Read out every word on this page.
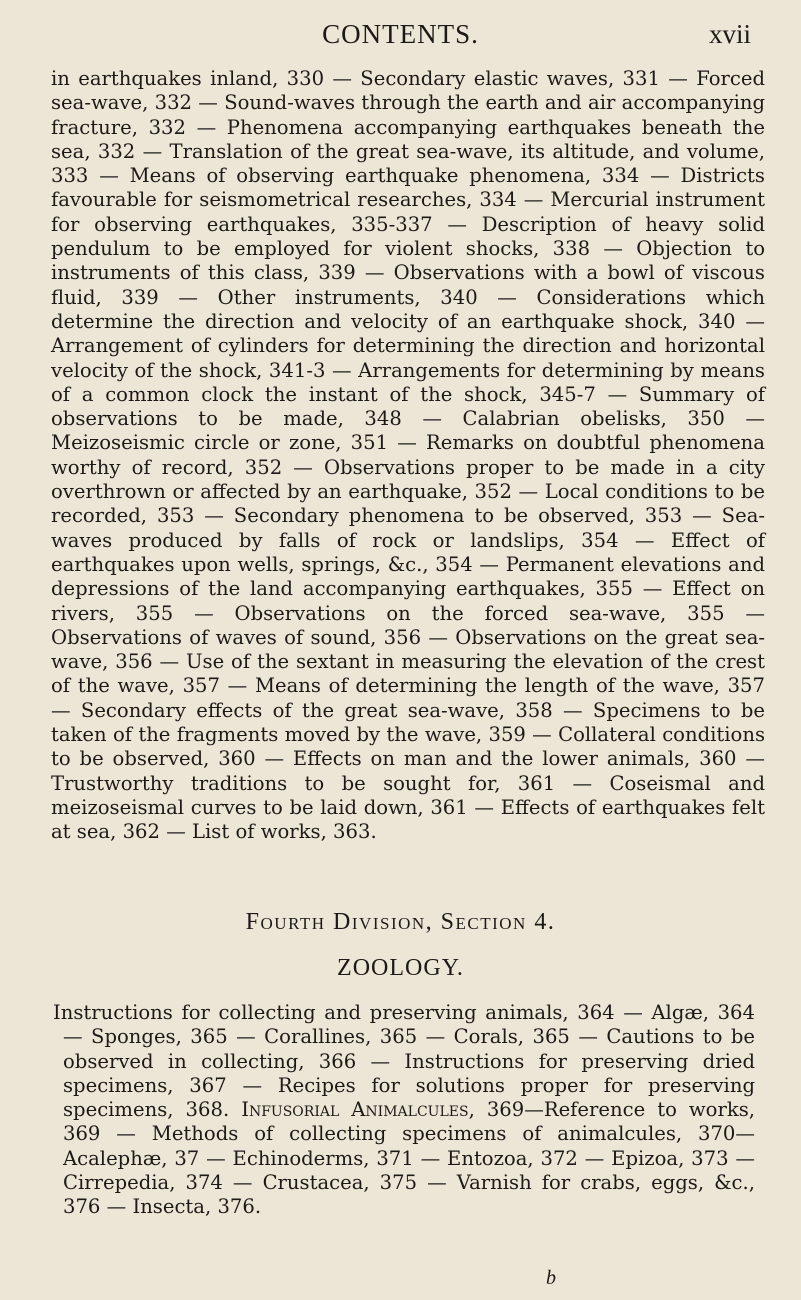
CONTENTS.	xvii
in earthquakes inland, 330 — Secondary elastic waves, 331 — Forced sea-wave, 332 — Sound-waves through the earth and air accompanying fracture, 332 — Phenomena accompanying earthquakes beneath the sea, 332 — Translation of the great sea-wave, its altitude, and volume, 333 — Means of observing earthquake phenomena, 334 — Districts favourable for seismometrical researches, 334 — Mercurial instrument for observing earthquakes, 335-337 — Description of heavy solid pendulum to be employed for violent shocks, 338 — Objection to instruments of this class, 339 — Observations with a bowl of viscous fluid, 339 — Other instruments, 340 — Considerations which determine the direction and velocity of an earthquake shock, 340 — Arrangement of cylinders for determining the direction and horizontal velocity of the shock, 341-3 — Arrangements for determining by means of a common clock the instant of the shock, 345-7 — Summary of observations to be made, 348 — Calabrian obelisks, 350 — Meizoseismic circle or zone, 351 — Remarks on doubtful phenomena worthy of record, 352 — Observations proper to be made in a city overthrown or affected by an earthquake, 352 — Local conditions to be recorded, 353 — Secondary phenomena to be observed, 353 — Sea-waves produced by falls of rock or landslips, 354 — Effect of earthquakes upon wells, springs, &c., 354 — Permanent elevations and depressions of the land accompanying earthquakes, 355 — Effect on rivers, 355 — Observations on the forced sea-wave, 355 — Observations of waves of sound, 356 — Observations on the great sea-wave, 356 — Use of the sextant in measuring the elevation of the crest of the wave, 357 — Means of determining the length of the wave, 357 — Secondary effects of the great sea-wave, 358 — Specimens to be taken of the fragments moved by the wave, 359 — Collateral conditions to be observed, 360 — Effects on man and the lower animals, 360 — Trustworthy traditions to be sought for, 361 — Coseismal and meizoseismal curves to be laid down, 361 — Effects of earthquakes felt at sea, 362 — List of works, 363.
Fourth Division, Section 4.
ZOOLOGY.
Instructions for collecting and preserving animals, 364 — Algæ, 364 — Sponges, 365 — Corallines, 365 — Corals, 365 — Cautions to be observed in collecting, 366 — Instructions for preserving dried specimens, 367 — Recipes for solutions proper for preserving specimens, 368. Infusorial Animalcules, 369—Reference to works, 369 — Methods of collecting specimens of animalcules, 370—Acalephæ, 37 — Echinoderms, 371 — Entozoa, 372 — Epizoa, 373 — Cirrepedia, 374 — Crustacea, 375 — Varnish for crabs, eggs, &c., 376 — Insecta, 376.
b
